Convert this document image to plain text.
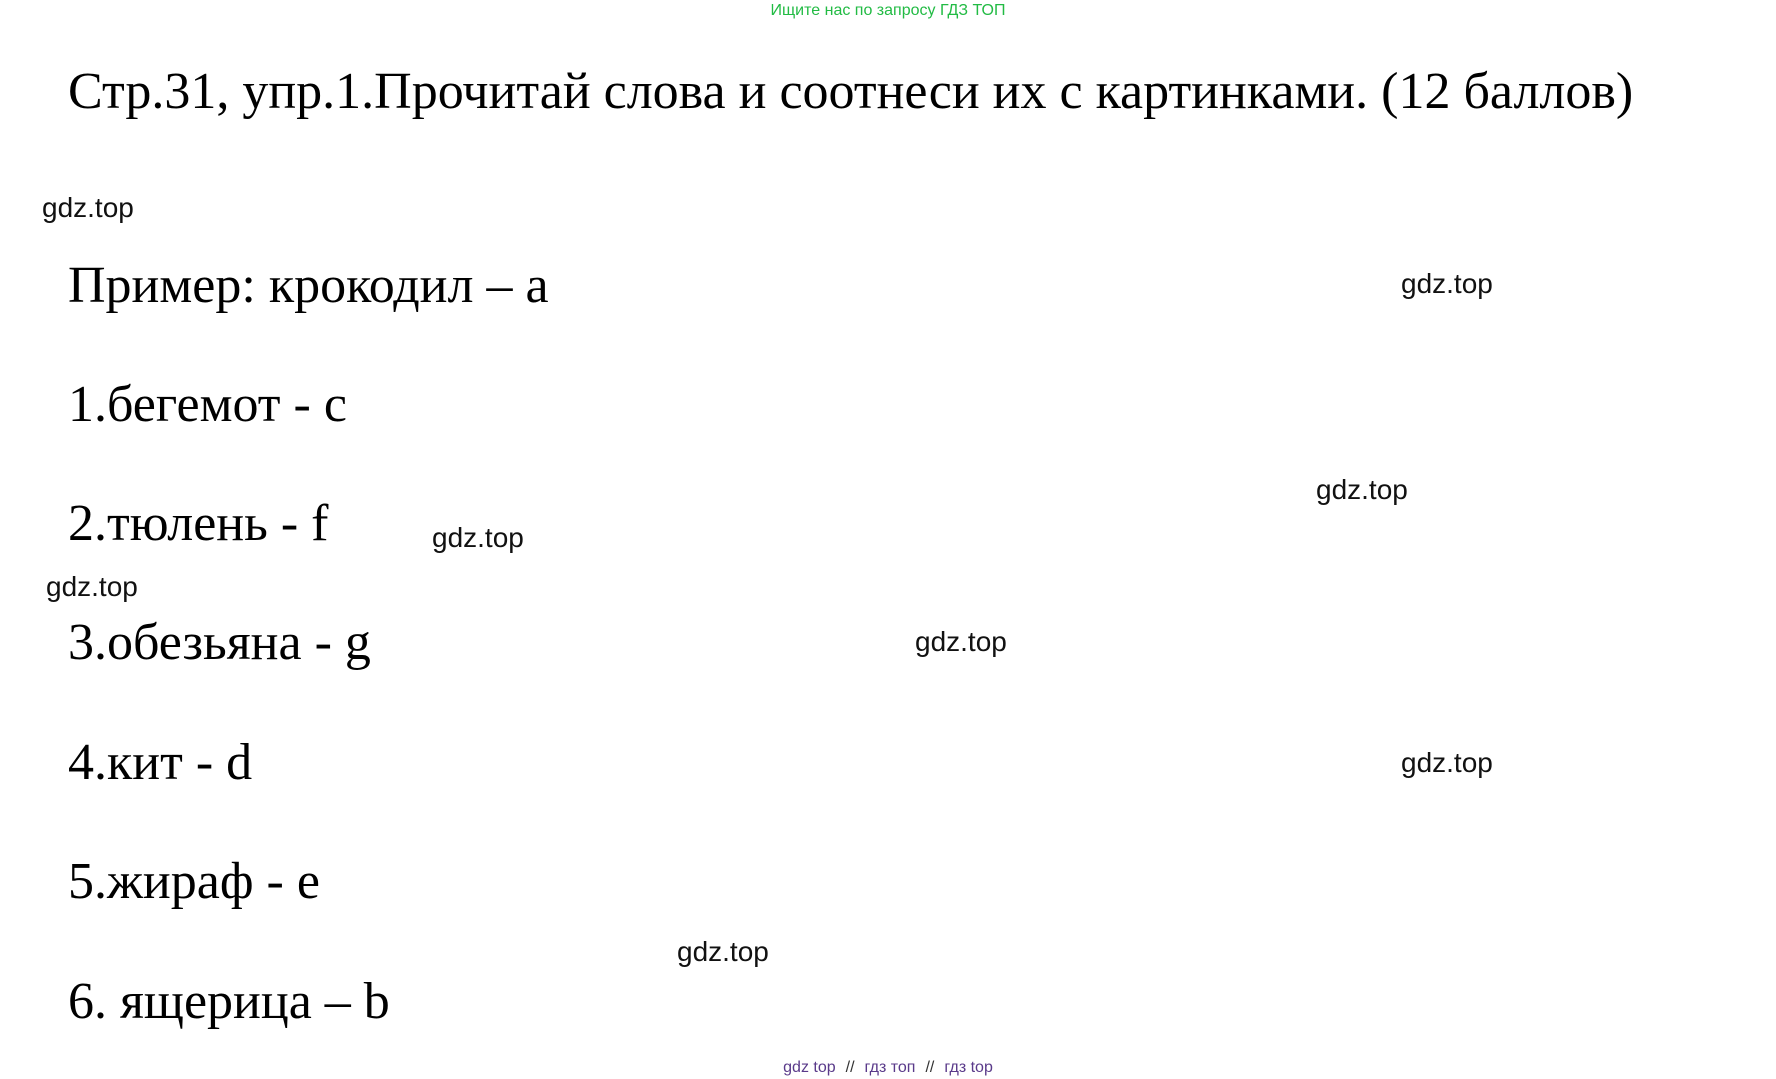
Ищите нас по запросу ГДЗ ТОП

Стр.31, упр.1.Прочитай слова и соотнеси их с картинками. (12 баллов)

gdz.top

Пример: крокодил – a	gdz.top

1.бегемот - c

gdz.top

2.тюлень - f	gdz.top
gdz.top

3.обезьяна - g	gdz.top

4.кит - d	gdz.top

5.жираф - e

gdz.top

6. ящерица – b

gdz top // гдз топ // гдз top
